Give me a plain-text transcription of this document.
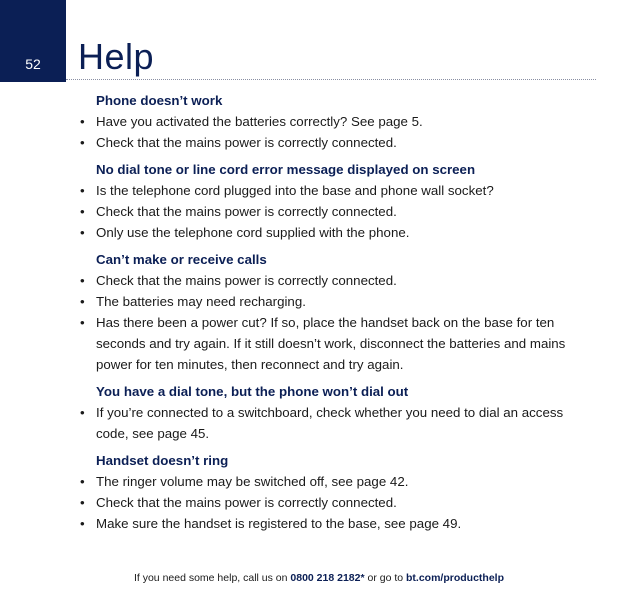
52	Help
Phone doesn’t work
• Have you activated the batteries correctly? See page 5.
• Check that the mains power is correctly connected.
No dial tone or line cord error message displayed on screen
• Is the telephone cord plugged into the base and phone wall socket?
• Check that the mains power is correctly connected.
• Only use the telephone cord supplied with the phone.
Can’t make or receive calls
• Check that the mains power is correctly connected.
• The batteries may need recharging.
• Has there been a power cut? If so, place the handset back on the base for ten seconds and try again. If it still doesn’t work, disconnect the batteries and mains power for ten minutes, then reconnect and try again.
You have a dial tone, but the phone won’t dial out
• If you’re connected to a switchboard, check whether you need to dial an access code, see page 45.
Handset doesn’t ring
• The ringer volume may be switched off, see page 42.
• Check that the mains power is correctly connected.
• Make sure the handset is registered to the base, see page 49.
If you need some help, call us on 0800 218 2182* or go to bt.com/producthelp
